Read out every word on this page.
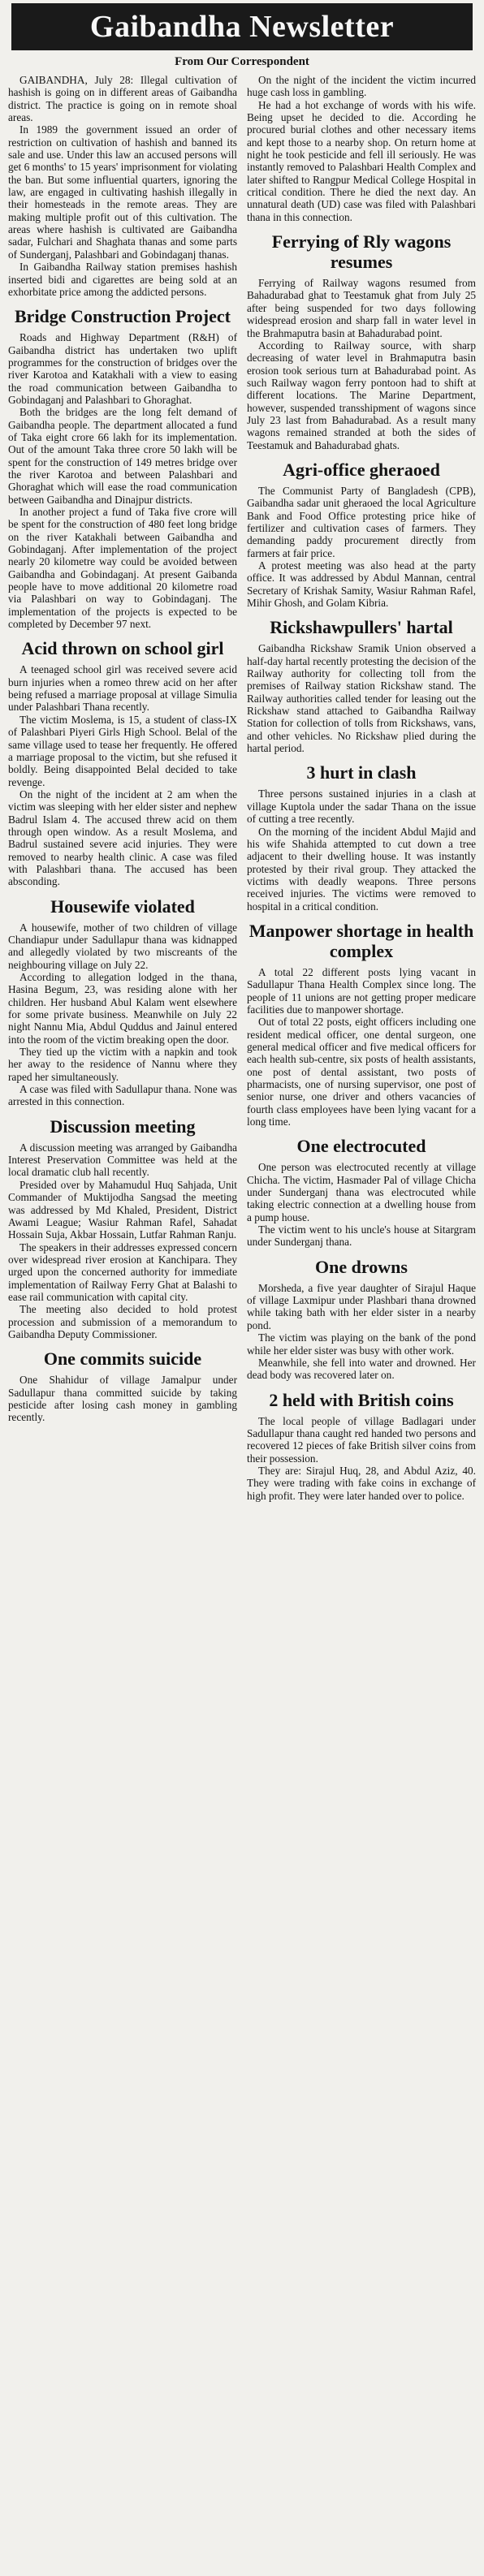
Gaibandha Newsletter
From Our Correspondent

GAIBANDHA, July 28: Illegal cultivation of hashish is going on in different areas of Gaibandha district. The practice is going on in remote shoal areas.

In 1989 the government issued an order of restriction on cultivation of hashish and banned its sale and use. Under this law an accused persons will get 6 months' to 15 years' imprisonment for violating the ban. But some influential quarters, ignoring the law, are engaged in cultivating hashish illegally in their homesteads in the remote areas. They are making multiple profit out of this cultivation. The areas where hashish is cultivated are Gaibandha sadar, Fulchari and Shaghata thanas and some parts of Sunderganj, Palashbari and Gobindaganj thanas.

In Gaibandha Railway station premises hashish inserted bidi and cigarettes are being sold at an exhorbitate price among the addicted persons.

Bridge Construction Project

Roads and Highway Department (R&H) of Gaibandha district has undertaken two uplift programmes for the construction of bridges over the river Karotoa and Katakhali with a view to easing the road communication between Gaibandha to Gobindaganj and Palashbari to Ghoraghat.

Both the bridges are the long felt demand of Gaibandha people. The department allocated a fund of Taka eight crore 66 lakh for its implementation. Out of the amount Taka three crore 50 lakh will be spent for the construction of 149 metres bridge over the river Karotoa and between Palashbari and Ghoraghat which will ease the road communication between Gaibandha and Dinajpur districts.

In another project a fund of Taka five crore will be spent for the construction of 480 feet long bridge on the river Katakhali between Gaibandha and Gobindaganj. After implementation of the project nearly 20 kilometre way could be avoided between Gaibandha and Gobindaganj. At present Gaibanda people have to move additional 20 kilometre road via Palashbari on way to Gobindaganj. The implementation of the projects is expected to be completed by December 97 next.

Acid thrown on school girl

A teenaged school girl was received severe acid burn injuries when a romeo threw acid on her after being refused a marriage proposal at village Simulia under Palashbari Thana recently.

The victim Moslema, is 15, a student of class-IX of Palashbari Piyeri Girls High School. Belal of the same village used to tease her frequently. He offered a marriage proposal to the victim, but she refused it boldly. Being disappointed Belal decided to take revenge.

On the night of the incident at 2 am when the victim was sleeping with her elder sister and nephew Badrul Islam 4. The accused threw acid on them through open window. As a result Moslema, and Badrul sustained severe acid injuries. They were removed to nearby health clinic. A case was filed with Palashbari thana. The accused has been absconding.

Housewife violated

A housewife, mother of two children of village Chandiapur under Sadullapur thana was kidnapped and allegedly violated by two miscreants of the neighbouring village on July 22.

According to allegation lodged in the thana, Hasina Begum, 23, was residing alone with her children. Her husband Abul Kalam went elsewhere for some private business. Meanwhile on July 22 night Nannu Mia, Abdul Quddus and Jainul entered into the room of the victim breaking open the door.

They tied up the victim with a napkin and took her away to the residence of Nannu where they raped her simultaneously.

A case was filed with Sadullapur thana. None was arrested in this connection.

Discussion meeting

A discussion meeting was arranged by Gaibandha Interest Preservation Committee was held at the local dramatic club hall recently.

Presided over by Mahamudul Huq Sahjada, Unit Commander of Muktijodha Sangsad the meeting was addressed by Md Khaled, President, District Awami League; Wasiur Rahman Rafel, Sahadat Hossain Suja, Akbar Hossain, Lutfar Rahman Ranju.

The speakers in their addresses expressed concern over widespread river erosion at Kanchipara. They urged upon the concerned authority for immediate implementation of Railway Ferry Ghat at Balashi to ease rail communication with capital city.

The meeting also decided to hold protest procession and submission of a memorandum to Gaibandha Deputy Commissioner.

One commits suicide

One Shahidur of village Jamalpur under Sadullapur thana committed suicide by taking pesticide after losing cash money in gambling recently.

On the night of the incident the victim incurred huge cash loss in gambling.

He had a hot exchange of words with his wife. Being upset he decided to die. According he procured burial clothes and other necessary items and kept those to a nearby shop. On return home at night he took pesticide and fell ill seriously. He was instantly removed to Palashbari Health Complex and later shifted to Rangpur Medical College Hospital in critical condition. There he died the next day. An unnatural death (UD) case was filed with Palashbari thana in this connection.

Ferrying of Rly wagons resumes

Ferrying of Railway wagons resumed from Bahadurabad ghat to Teestamuk ghat from July 25 after being suspended for two days following widespread erosion and sharp fall in water level in the Brahmaputra basin at Bahadurabad point.

According to Railway source, with sharp decreasing of water level in Brahmaputra basin erosion took serious turn at Bahadurabad point. As such Railway wagon ferry pontoon had to shift at different locations. The Marine Department, however, suspended transshipment of wagons since July 23 last from Bahadurabad. As a result many wagons remained stranded at both the sides of Teestamuk and Bahadurabad ghats.

Agri-office gheraoed

The Communist Party of Bangladesh (CPB), Gaibandha sadar unit gheraoed the local Agriculture Bank and Food Office protesting price hike of fertilizer and cultivation cases of farmers. They demanding paddy procurement directly from farmers at fair price.

A protest meeting was also head at the party office. It was addressed by Abdul Mannan, central Secretary of Krishak Samity, Wasiur Rahman Rafel, Mihir Ghosh, and Golam Kibria.

Rickshawpullers' hartal

Gaibandha Rickshaw Sramik Union observed a half-day hartal recently protesting the decision of the Railway authority for collecting toll from the premises of Railway station Rickshaw stand. The Railway authorities called tender for leasing out the Rickshaw stand attached to Gaibandha Railway Station for collection of tolls from Rickshaws, vans, and other vehicles. No Rickshaw plied during the hartal period.

3 hurt in clash

Three persons sustained injuries in a clash at village Kuptola under the sadar Thana on the issue of cutting a tree recently.

On the morning of the incident Abdul Majid and his wife Shahida attempted to cut down a tree adjacent to their dwelling house. It was instantly protested by their rival group. They attacked the victims with deadly weapons. Three persons received injuries. The victims were removed to hospital in a critical condition.

Manpower shortage in health complex

A total 22 different posts lying vacant in Sadullapur Thana Health Complex since long. The people of 11 unions are not getting proper medicare facilities due to manpower shortage.

Out of total 22 posts, eight officers including one resident medical officer, one dental surgeon, one general medical officer and five medical officers for each health sub-centre, six posts of health assistants, one post of dental assistant, two posts of pharmacists, one of nursing supervisor, one post of senior nurse, one driver and others vacancies of fourth class employees have been lying vacant for a long time.

One electrocuted

One person was electrocuted recently at village Chicha. The victim, Hasmader Pal of village Chicha under Sunderganj thana was electrocuted while taking electric connection at a dwelling house from a pump house.

The victim went to his uncle's house at Sitargram under Sunderganj thana.

One drowns

Morsheda, a five year daughter of Sirajul Haque of village Laxmipur under Plashbari thana drowned while taking bath with her elder sister in a nearby pond.

The victim was playing on the bank of the pond while her elder sister was busy with other work.

Meanwhile, she fell into water and drowned. Her dead body was recovered later on.

2 held with British coins

The local people of village Badlagari under Sadullapur thana caught red handed two persons and recovered 12 pieces of fake British silver coins from their possession.

They are: Sirajul Huq, 28, and Abdul Aziz, 40. They were trading with fake coins in exchange of high profit. They were later handed over to police.
